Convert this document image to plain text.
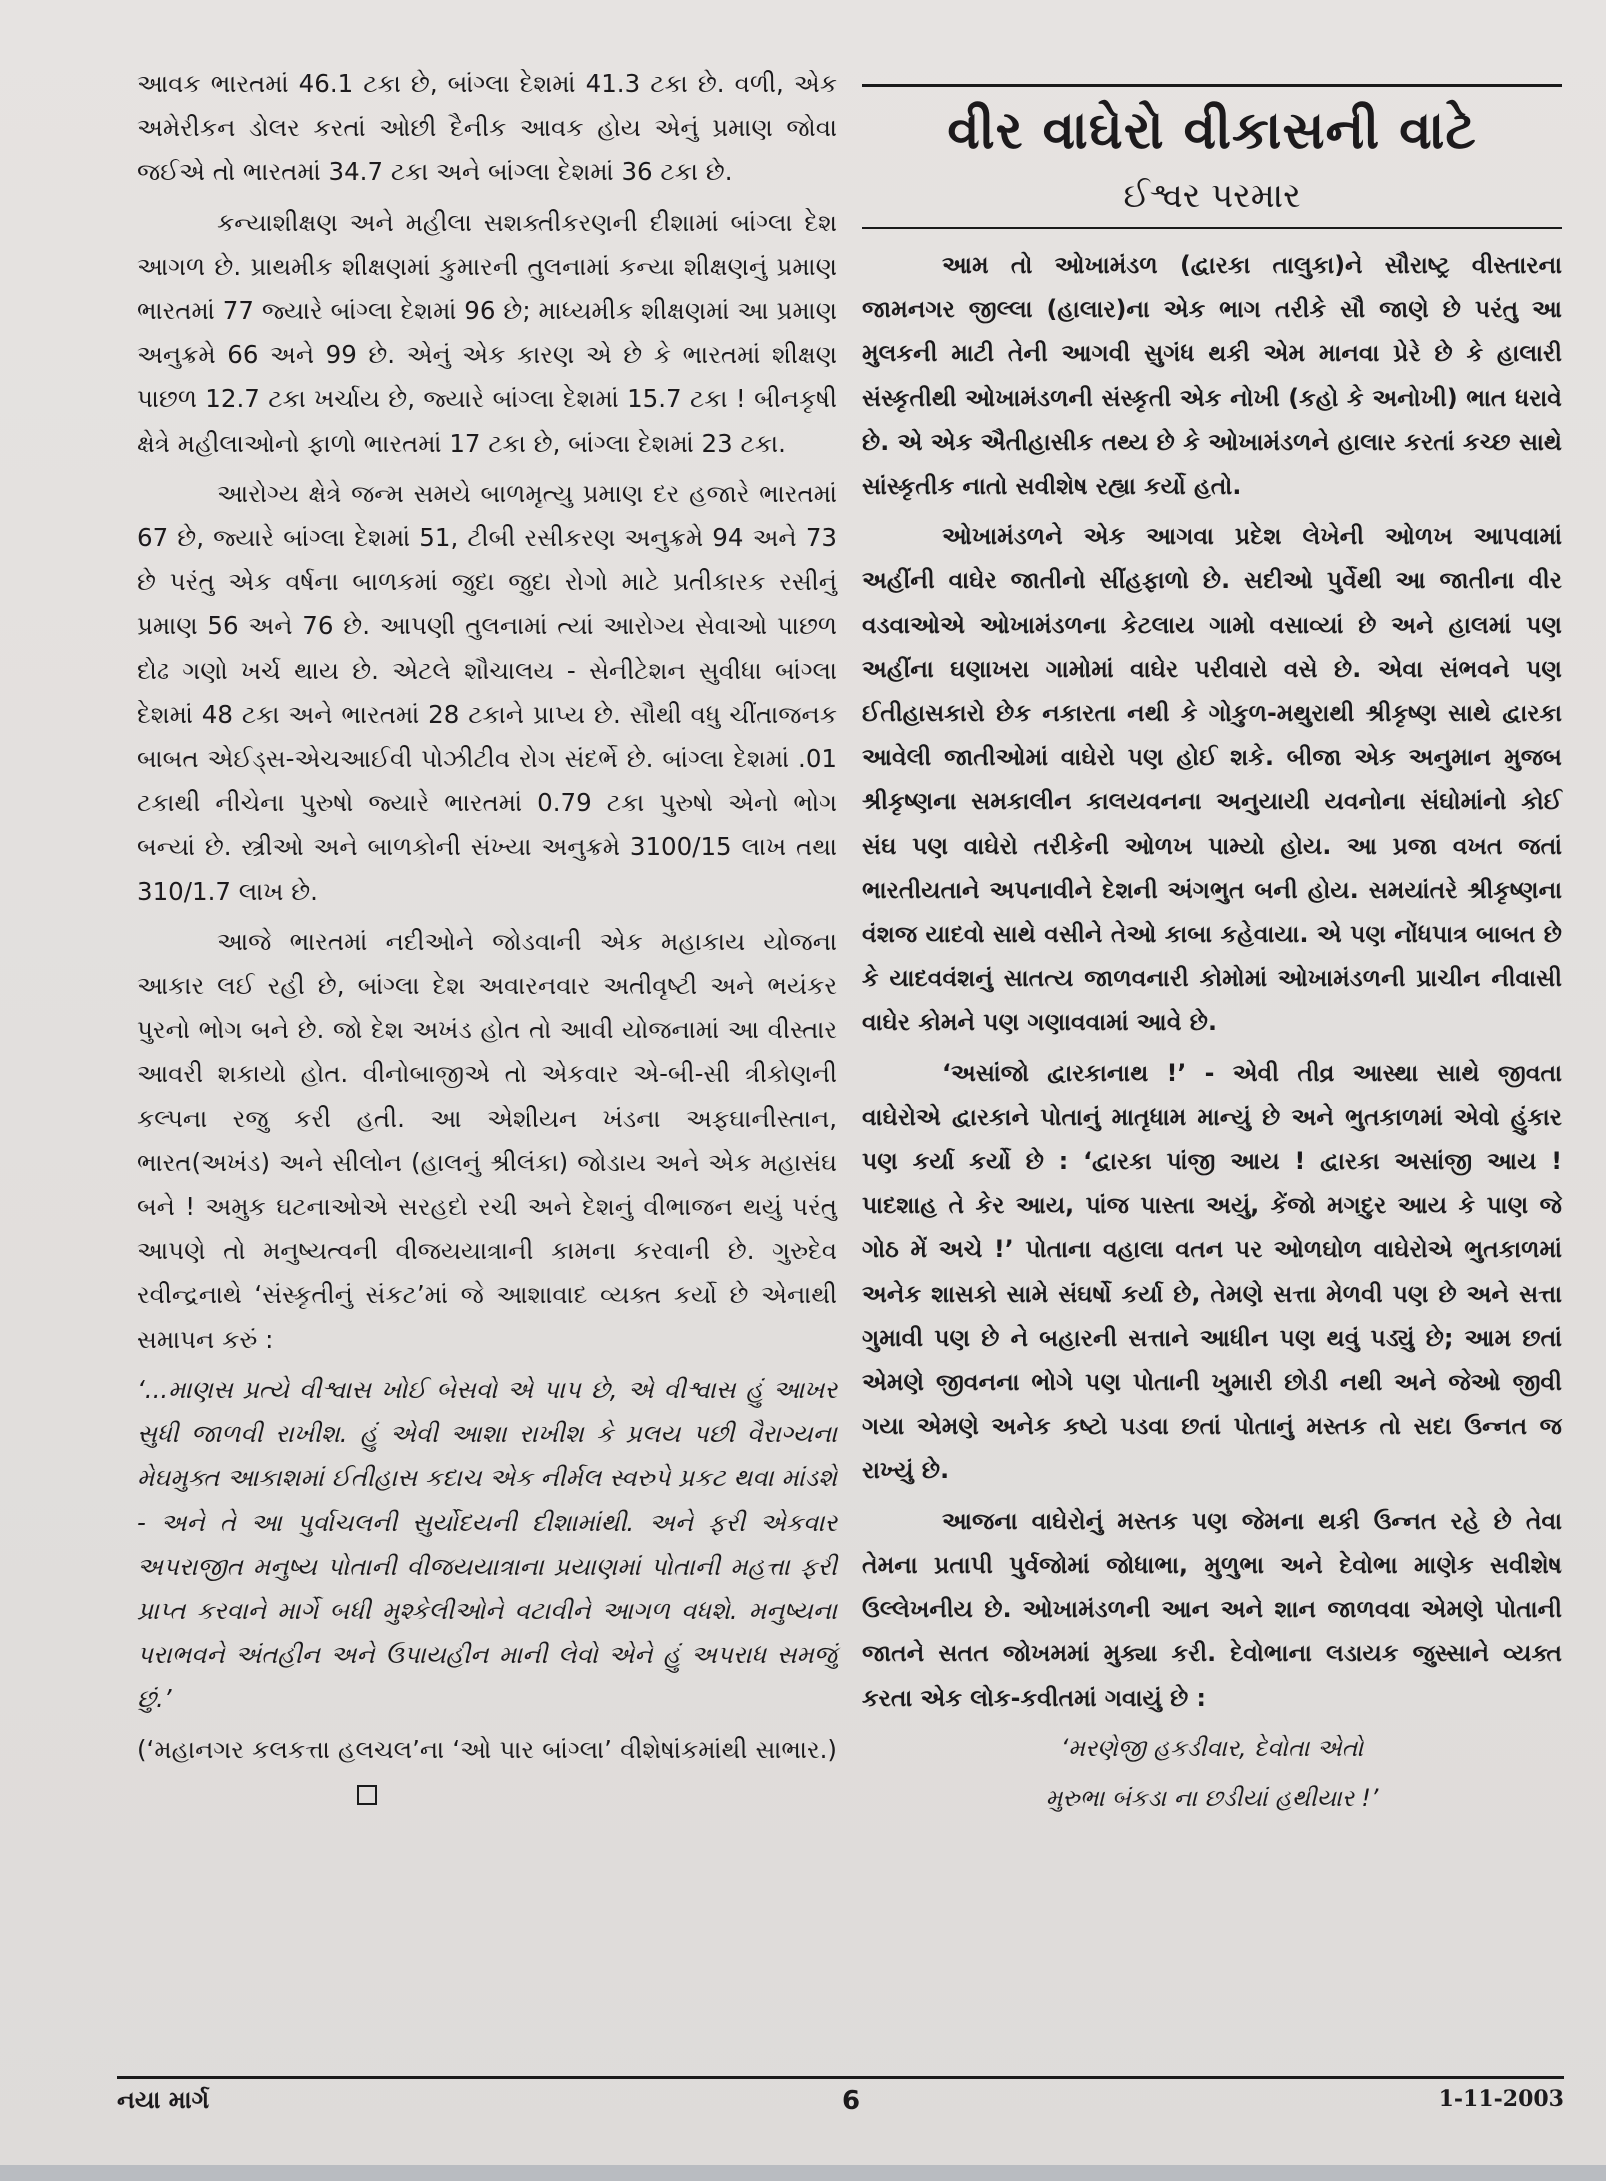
આવક ભારતમાં 46.1 ટકા છે, બાંગ્લા દેશમાં 41.3 ટકા છે. વળી, એક અમેરીકન ડોલર કરતાં ઓછી દૈનીક આવક હોય એનું પ્રમાણ જોવા જઈએ તો ભારતમાં 34.7 ટકા અને બાંગ્લા દેશમાં 36 ટકા છે.

કન્યાશીક્ષણ અને મહીલા સશક્તીકરણની દીશામાં બાંગ્લા દેશ આગળ છે. પ્રાથમીક શીક્ષણમાં કુમારની તુલનામાં કન્યા શીક્ષણનું પ્રમાણ ભારતમાં 77 જ્યારે બાંગ્લા દેશમાં 96 છે; માધ્યમીક શીક્ષણમાં આ પ્રમાણ અનુક્રમે 66 અને 99 છે. એનું એક કારણ એ છે કે ભારતમાં શીક્ષણ પાછળ 12.7 ટકા ખર્ચાય છે, જ્યારે બાંગ્લા દેશમાં 15.7 ટકા ! બીનકૃષી ક્ષેત્રે મહીલાઓનો ફાળો ભારતમાં 17 ટકા છે, બાંગ્લા દેશમાં 23 ટકા.

આરોગ્ય ક્ષેત્રે જન્મ સમયે બાળમૃત્યુ પ્રમાણ દર હજારે ભારતમાં 67 છે, જ્યારે બાંગ્લા દેશમાં 51, ટીબી રસીકરણ અનુક્રમે 94 અને 73 છે પરંતુ એક વર્ષના બાળકમાં જુદા જુદા રોગો માટે પ્રતીકારક રસીનું પ્રમાણ 56 અને 76 છે. આપણી તુલનામાં ત્યાં આરોગ્ય સેવાઓ પાછળ દોઢ ગણો ખર્ચ થાય છે. એટલે શૌચાલય - સેનીટેશન સુવીધા બાંગ્લા દેશમાં 48 ટકા અને ભારતમાં 28 ટકાને પ્રાપ્ય છે. સૌથી વધુ ચીંતાજનક બાબત એઈડ્સ-એચઆઈવી પોઝીટીવ રોગ સંદર્ભે છે. બાંગ્લા દેશમાં .01 ટકાથી નીચેના પુરુષો જ્યારે ભારતમાં 0.79 ટકા પુરુષો એનો ભોગ બન્યાં છે. સ્ત્રીઓ અને બાળકોની સંખ્યા અનુક્રમે 3100/15 લાખ તથા 310/1.7 લાખ છે.

આજે ભારતમાં નદીઓને જોડવાની એક મહાકાય યોજના આકાર લઈ રહી છે, બાંગ્લા દેશ અવારનવાર અતીવૃષ્ટી અને ભયંકર પુરનો ભોગ બને છે. જો દેશ અખંડ હોત તો આવી યોજનામાં આ વીસ્તાર આવરી શકાયો હોત. વીનોબાજીએ તો એકવાર એ-બી-સી ત્રીકોણની કલ્પના રજુ કરી હતી. આ એશીયન ખંડના અફઘાનીસ્તાન, ભારત(અખંડ) અને સીલોન (હાલનું શ્રીલંકા) જોડાય અને એક મહાસંઘ બને ! અમુક ઘટનાઓએ સરહદો રચી અને દેશનું વીભાજન થયું પરંતુ આપણે તો મનુષ્યત્વની વીજયયાત્રાની કામના કરવાની છે. ગુરુદેવ રવીન્દ્રનાથે ‘સંસ્કૃતીનું સંકટ’માં જે આશાવાદ વ્યક્ત કર્યો છે એનાથી સમાપન કરું :

‘...માણસ પ્રત્યે વીશ્વાસ ખોઈ બેસવો એ પાપ છે, એ વીશ્વાસ હું આખર સુધી જાળવી રાખીશ. હું એવી આશા રાખીશ કે પ્રલય પછી વૈરાગ્યના મેઘમુક્ત આકાશમાં ઈતીહાસ કદાચ એક નીર્મલ સ્વરુપે પ્રકટ થવા માંડશે - અને તે આ પુર્વાચલની સુર્યોદયની દીશામાંથી. અને ફરી એકવાર અપરાજીત મનુષ્ય પોતાની વીજયયાત્રાના પ્રયાણમાં પોતાની મહત્તા ફરી પ્રાપ્ત કરવાને માર્ગે બધી મુશ્કેલીઓને વટાવીને આગળ વધશે. મનુષ્યના પરાભવને અંતહીન અને ઉપાયહીન માની લેવો એને હું અપરાધ સમજું છું.’

(‘મહાનગર કલકત્તા હલચલ’ના ‘ઓ પાર બાંગ્લા’ વીશેષાંકમાંથી સાભાર.)

વીર વાઘેરો વીકાસની વાટે
ઈશ્વર પરમાર

આમ તો ઓખામંડળ (દ્વારકા તાલુકા)ને સૌરાષ્ટ્ર વીસ્તારના જામનગર જીલ્લા (હાલાર)ના એક ભાગ તરીકે સૌ જાણે છે પરંતુ આ મુલકની માટી તેની આગવી સુગંધ થકી એમ માનવા પ્રેરે છે કે હાલારી સંસ્કૃતીથી ઓખામંડળની સંસ્કૃતી એક નોખી (કહો કે અનોખી) ભાત ધરાવે છે. એ એક ઐતીહાસીક તથ્ય છે કે ઓખામંડળને હાલાર કરતાં કચ્છ સાથે સાંસ્કૃતીક નાતો સવીશેષ રહ્યા કર્યો હતો.

ઓખામંડળને એક આગવા પ્રદેશ લેખેની ઓળખ આપવામાં અહીંની વાઘેર જાતીનો સીંહફાળો છે. સદીઓ પુર્વેથી આ જાતીના વીર વડવાઓએ ઓખામંડળના કેટલાય ગામો વસાવ્યાં છે અને હાલમાં પણ અહીંના ઘણાખરા ગામોમાં વાઘેર પરીવારો વસે છે. એવા સંભવને પણ ઈતીહાસકારો છેક નકારતા નથી કે ગોકુળ-મથુરાથી શ્રીકૃષ્ણ સાથે દ્વારકા આવેલી જાતીઓમાં વાઘેરો પણ હોઈ શકે. બીજા એક અનુમાન મુજબ શ્રીકૃષ્ણના સમકાલીન કાલયવનના અનુયાયી યવનોના સંઘોમાંનો કોઈ સંઘ પણ વાઘેરો તરીકેની ઓળખ પામ્યો હોય. આ પ્રજા વખત જતાં ભારતીયતાને અપનાવીને દેશની અંગભુત બની હોય. સમયાંતરે શ્રીકૃષ્ણના વંશજ યાદવો સાથે વસીને તેઓ કાબા કહેવાયા. એ પણ નોંધપાત્ર બાબત છે કે યાદવવંશનું સાતત્ય જાળવનારી કોમોમાં ઓખામંડળની પ્રાચીન નીવાસી વાઘેર કોમને પણ ગણાવવામાં આવે છે.

‘અસાંજો દ્વારકાનાથ !’ - એવી તીવ્ર આસ્થા સાથે જીવતા વાઘેરોએ દ્વારકાને પોતાનું માતૃધામ માન્યું છે અને ભુતકાળમાં એવો હુંકાર પણ કર્યા કર્યો છે : ‘દ્વારકા પાંજી આય ! દ્વારકા અસાંજી આય ! પાદશાહ તે કેર આય, પાંજ પાસ્તા અયું, કેંજો મગદુર આય કે પાણ જે ગોઠ મેં અચે !’ પોતાના વહાલા વતન પર ઓળઘોળ વાઘેરોએ ભુતકાળમાં અનેક શાસકો સામે સંઘર્ષો કર્યા છે, તેમણે સત્તા મેળવી પણ છે અને સત્તા ગુમાવી પણ છે ને બહારની સત્તાને આધીન પણ થવું પડ્યું છે; આમ છતાં એમણે જીવનના ભોગે પણ પોતાની ખુમારી છોડી નથી અને જેઓ જીવી ગયા એમણે અનેક કષ્ટો પડવા છતાં પોતાનું મસ્તક તો સદા ઉન્નત જ રાખ્યું છે.

આજના વાઘેરોનું મસ્તક પણ જેમના થકી ઉન્નત રહે છે તેવા તેમના પ્રતાપી પુર્વજોમાં જોધાભા, મુળુભા અને દેવોભા માણેક સવીશેષ ઉલ્લેખનીય છે. ઓખામંડળની આન અને શાન જાળવવા એમણે પોતાની જાતને સતત જોખમમાં મુક્યા કરી. દેવોભાના લડાયક જુસ્સાને વ્યક્ત કરતા એક લોક-કવીતમાં ગવાયું છે :

‘મરણેજી હકડીવાર, દેવોતા એતો

મુરુભા બંકડા ના છડીયાં હથીયાર !’

નયા માર્ગ	6	1-11-2003
